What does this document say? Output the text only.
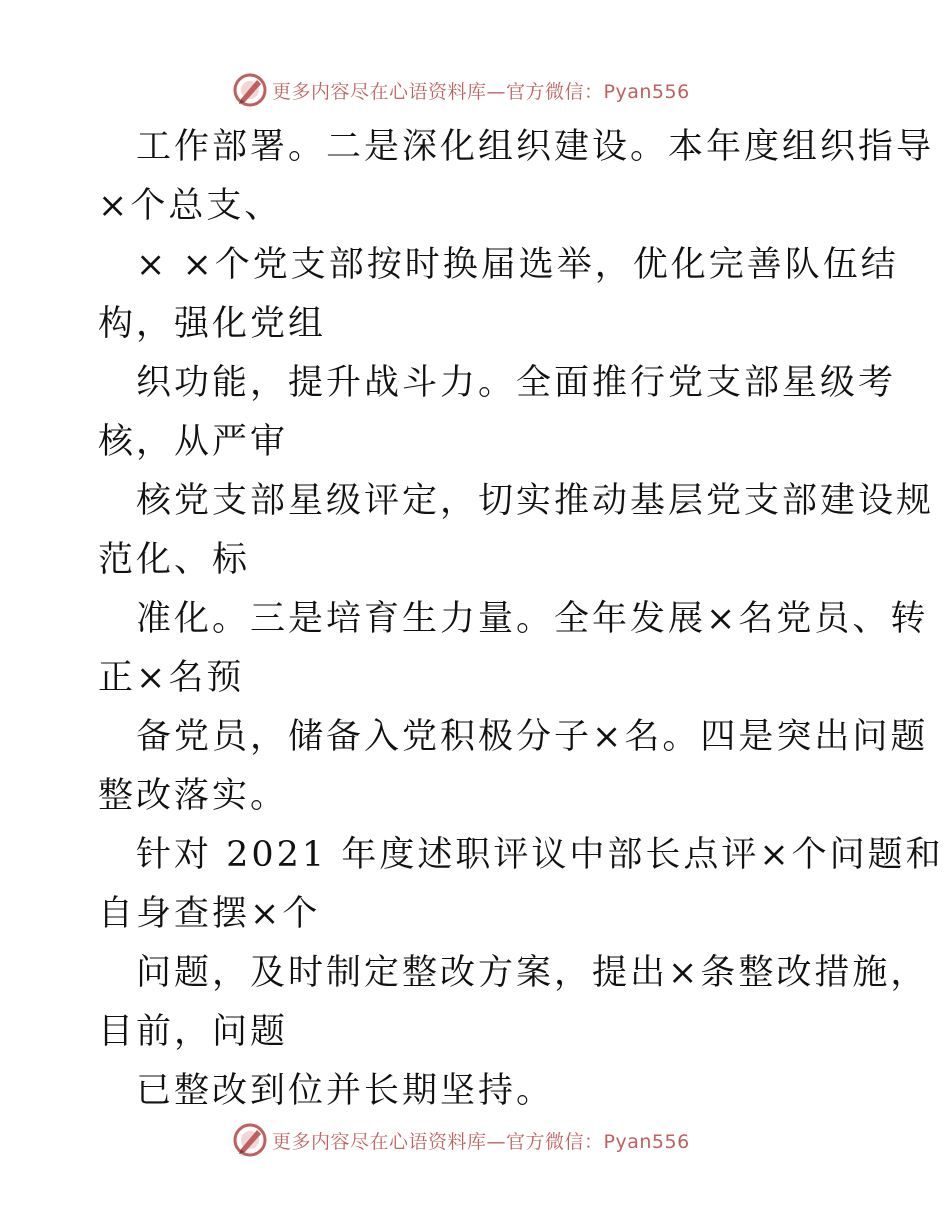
更多内容尽在心语资料库—官方微信：Pyan556
工作部署。二是深化组织建设。本年度组织指导
×个总支、
× ×个党支部按时换届选举，优化完善队伍结
构，强化党组
织功能，提升战斗力。全面推行党支部星级考
核，从严审
核党支部星级评定，切实推动基层党支部建设规
范化、标
准化。三是培育生力量。全年发展×名党员、转
正×名预
备党员，储备入党积极分子×名。四是突出问题
整改落实。
针对 2021 年度述职评议中部长点评×个问题和
自身查摆×个
问题，及时制定整改方案，提出×条整改措施，
目前，问题
已整改到位并长期坚持。
更多内容尽在心语资料库—官方微信：Pyan556
